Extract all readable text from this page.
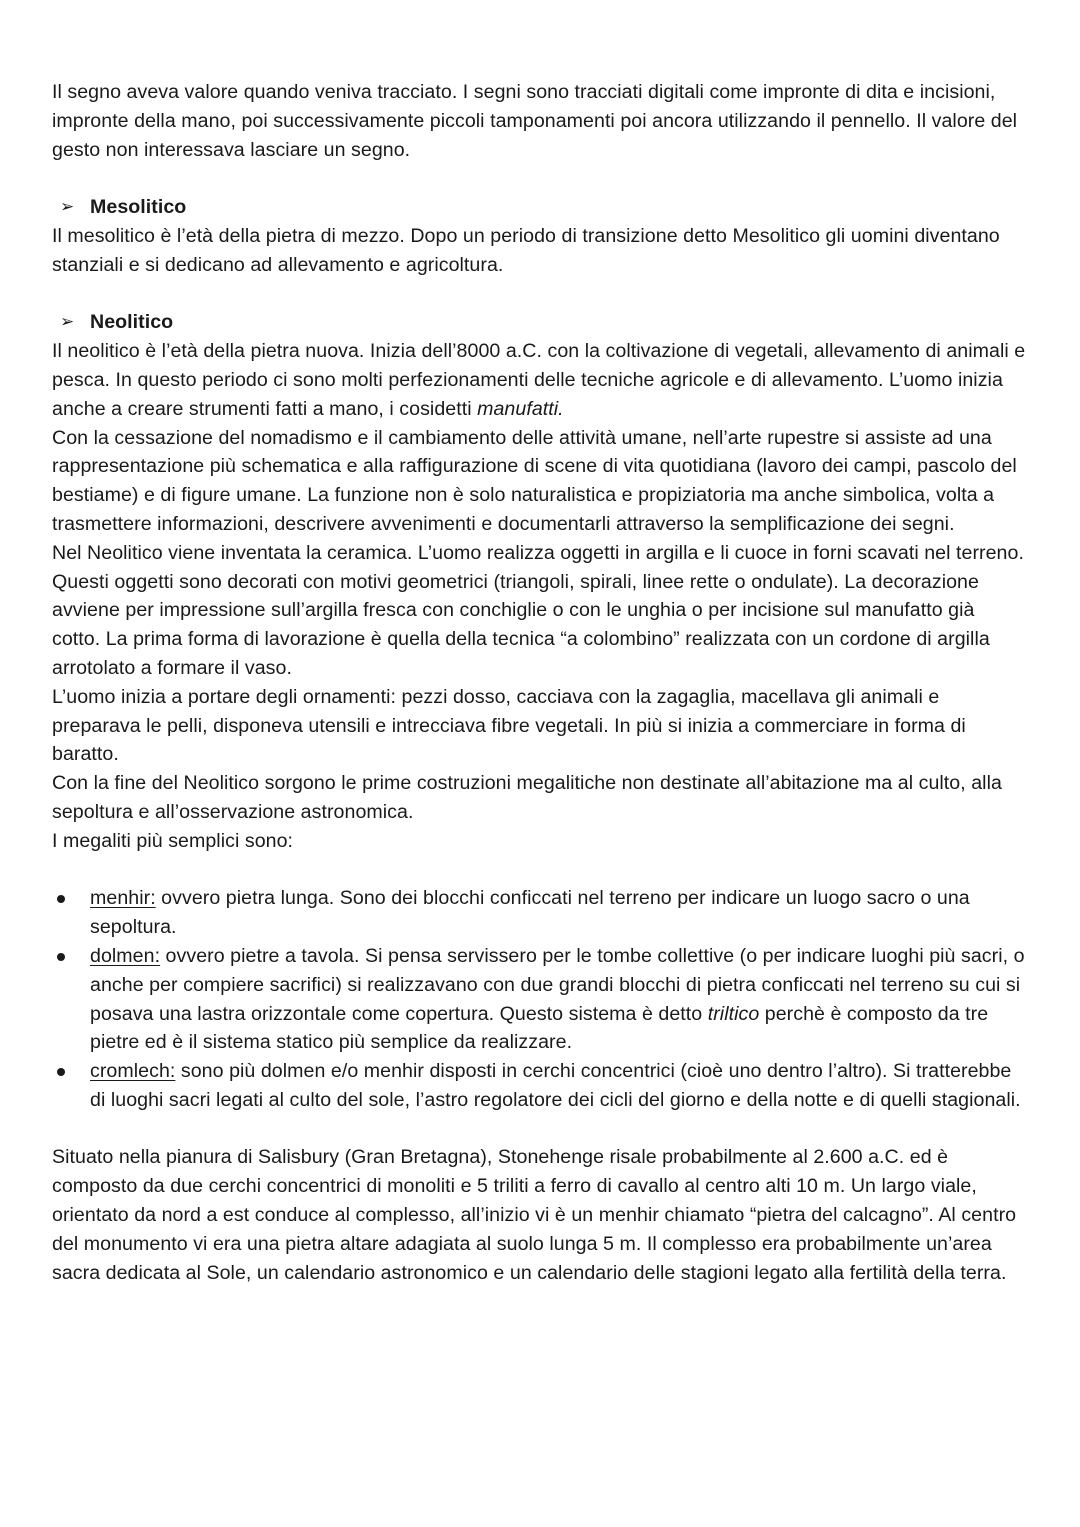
Il segno aveva valore quando veniva tracciato. I segni sono tracciati digitali come impronte di dita e incisioni, impronte della mano, poi successivamente piccoli tamponamenti poi ancora utilizzando il pennello. Il valore del gesto non interessava lasciare un segno.

➢ Mesolitico

Il mesolitico è l’età della pietra di mezzo. Dopo un periodo di transizione detto Mesolitico gli uomini diventano stanziali e si dedicano ad allevamento e agricoltura.

➢ Neolitico

Il neolitico è l’età della pietra nuova. Inizia dell’8000 a.C. con la coltivazione di vegetali, allevamento di animali e pesca. In questo periodo ci sono molti perfezionamenti delle tecniche agricole e di allevamento. L’uomo inizia anche a creare strumenti fatti a mano, i cosidetti manufatti.

Con la cessazione del nomadismo e il cambiamento delle attività umane, nell’arte rupestre si assiste ad una rappresentazione più schematica e alla raffigurazione di scene di vita quotidiana (lavoro dei campi, pascolo del bestiame) e di figure umane. La funzione non è solo naturalistica e propiziatoria ma anche simbolica, volta a trasmettere informazioni, descrivere avvenimenti e documentarli attraverso la semplificazione dei segni.

Nel Neolitico viene inventata la ceramica. L’uomo realizza oggetti in argilla e li cuoce in forni scavati nel terreno. Questi oggetti sono decorati con motivi geometrici (triangoli, spirali, linee rette o ondulate). La decorazione avviene per impressione sull’argilla fresca con conchiglie o con le unghia o per incisione sul manufatto già cotto. La prima forma di lavorazione è quella della tecnica “a colombino” realizzata con un cordone di argilla arrotolato a formare il vaso.

L’uomo inizia a portare degli ornamenti: pezzi dosso, cacciava con la zagaglia, macellava gli animali e preparava le pelli, disponeva utensili e intrecciava fibre vegetali. In più si inizia a commerciare in forma di baratto.

Con la fine del Neolitico sorgono le prime costruzioni megalitiche non destinate all’abitazione ma al culto, alla sepoltura e all’osservazione astronomica.

I megaliti più semplici sono:

menhir: ovvero pietra lunga. Sono dei blocchi conficcati nel terreno per indicare un luogo sacro o una sepoltura.
dolmen: ovvero pietre a tavola. Si pensa servissero per le tombe collettive (o per indicare luoghi più sacri, o anche per compiere sacrifici) si realizzavano con due grandi blocchi di pietra conficcati nel terreno su cui si posava una lastra orizzontale come copertura. Questo sistema è detto triltico perchè è composto da tre pietre ed è il sistema statico più semplice da realizzare.
cromlech: sono più dolmen e/o menhir disposti in cerchi concentrici (cioè uno dentro l’altro). Si tratterebbe di luoghi sacri legati al culto del sole, l’astro regolatore dei cicli del giorno e della notte e di quelli stagionali.

Situato nella pianura di Salisbury (Gran Bretagna), Stonehenge risale probabilmente al 2.600 a.C. ed è composto da due cerchi concentrici di monoliti e 5 triliti a ferro di cavallo al centro alti 10 m. Un largo viale, orientato da nord a est conduce al complesso, all’inizio vi è un menhir chiamato “pietra del calcagno”. Al centro del monumento vi era una pietra altare adagiata al suolo lunga 5 m. Il complesso era probabilmente un’area sacra dedicata al Sole, un calendario astronomico e un calendario delle stagioni legato alla fertilità della terra.
